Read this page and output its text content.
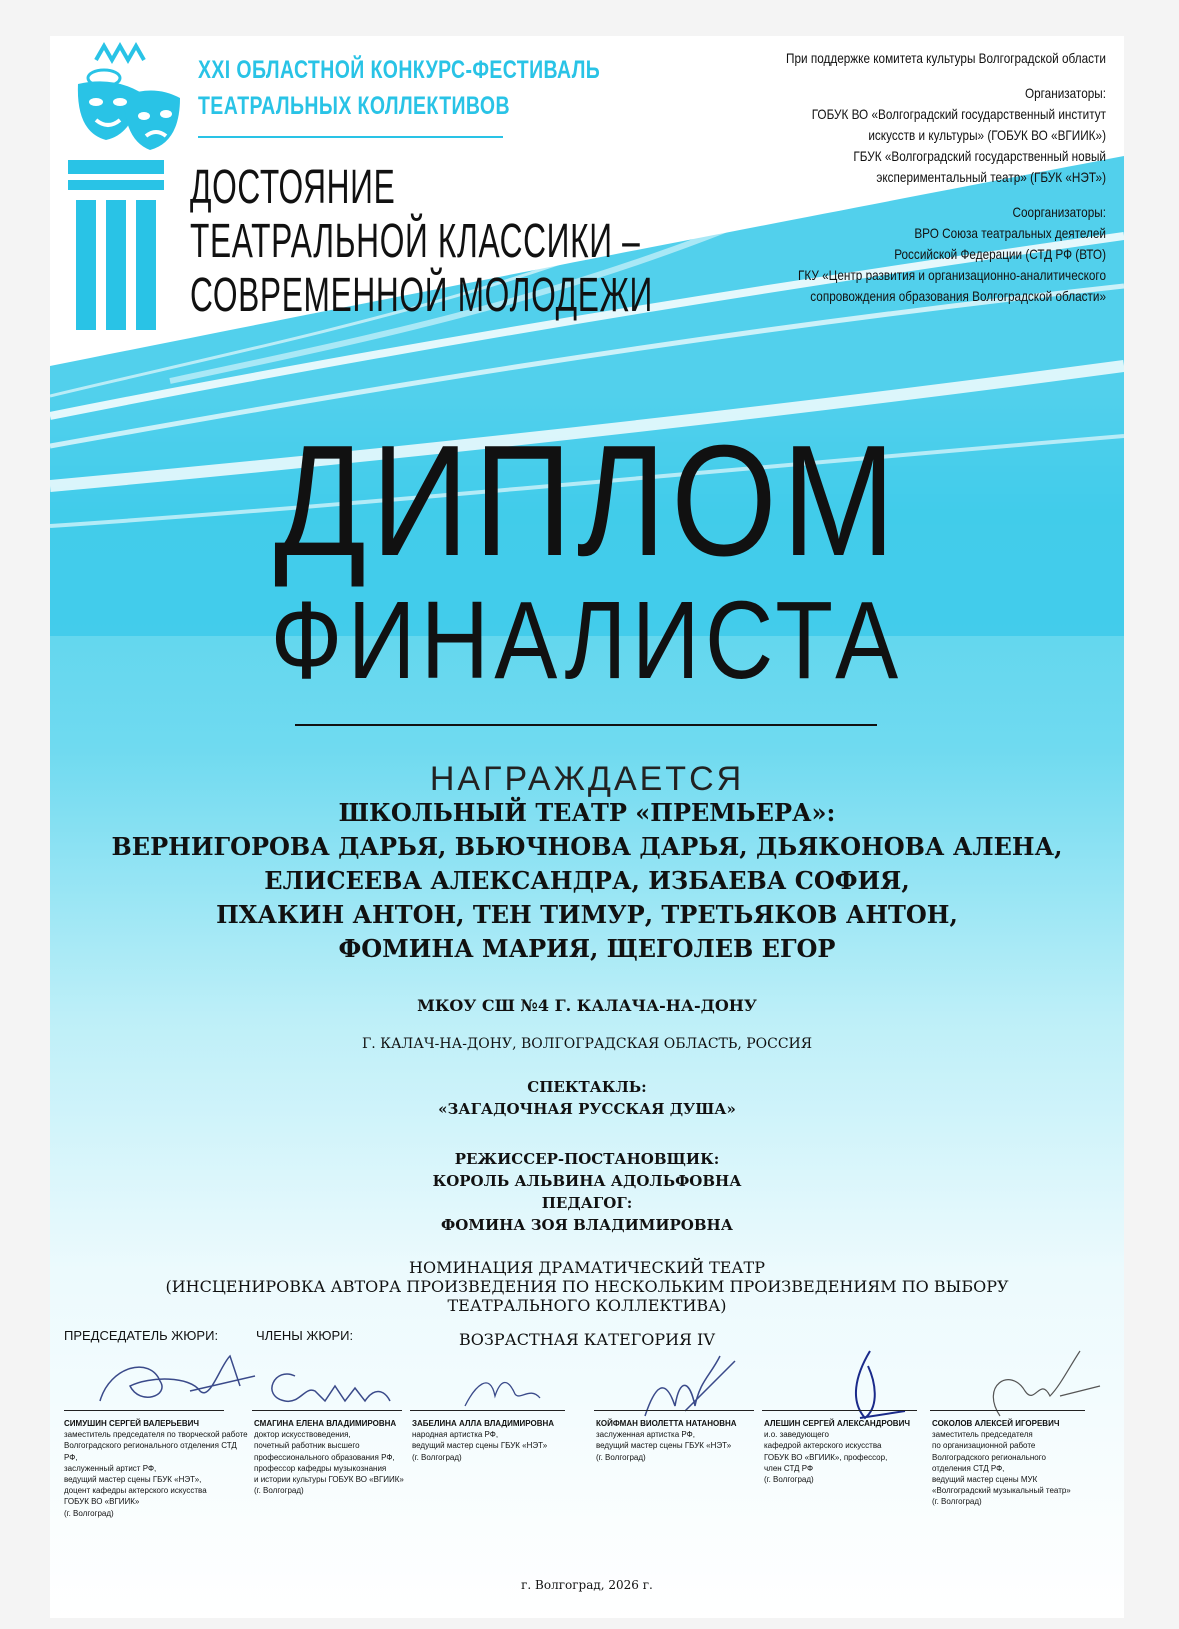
XXI ОБЛАСТНОЙ КОНКУРС-ФЕСТИВАЛЬ
ТЕАТРАЛЬНЫХ КОЛЛЕКТИВОВ
ДОСТОЯНИЕ
ТЕАТРАЛЬНОЙ КЛАССИКИ –
СОВРЕМЕННОЙ МОЛОДЕЖИ
При поддержке комитета культуры Волгоградской области
Организаторы:
ГОБУК ВО «Волгоградский государственный институт
искусств и культуры» (ГОБУК ВО «ВГИИК»)
ГБУК «Волгоградский государственный новый
экспериментальный театр» (ГБУК «НЭТ»)
Соорганизаторы:
ВРО Союза театральных деятелей
Российской Федерации (СТД РФ (ВТО)
ГКУ «Центр развития и организационно-аналитического
сопровождения образования Волгоградской области»
ДИПЛОМ
ФИНАЛИСТА
НАГРАЖДАЕТСЯ
ШКОЛЬНЫЙ ТЕАТР «ПРЕМЬЕРА»:
ВЕРНИГОРОВА ДАРЬЯ, ВЬЮЧНОВА ДАРЬЯ, ДЬЯКОНОВА АЛЕНА,
ЕЛИСЕЕВА АЛЕКСАНДРА, ИЗБАЕВА СОФИЯ,
ПХАКИН АНТОН, ТЕН ТИМУР, ТРЕТЬЯКОВ АНТОН,
ФОМИНА МАРИЯ, ЩЕГОЛЕВ ЕГОР
МКОУ СШ №4 Г. КАЛАЧА-НА-ДОНУ
Г. КАЛАЧ-НА-ДОНУ, ВОЛГОГРАДСКАЯ ОБЛАСТЬ, РОССИЯ
СПЕКТАКЛЬ:
«ЗАГАДОЧНАЯ РУССКАЯ ДУША»
РЕЖИССЕР-ПОСТАНОВЩИК:
КОРОЛЬ АЛЬВИНА АДОЛЬФОВНА
ПЕДАГОГ:
ФОМИНА ЗОЯ ВЛАДИМИРОВНА
НОМИНАЦИЯ ДРАМАТИЧЕСКИЙ ТЕАТР
(ИНСЦЕНИРОВКА АВТОРА ПРОИЗВЕДЕНИЯ ПО НЕСКОЛЬКИМ ПРОИЗВЕДЕНИЯМ ПО ВЫБОРУ
ТЕАТРАЛЬНОГО КОЛЛЕКТИВА)
ВОЗРАСТНАЯ КАТЕГОРИЯ IV
ПРЕДСЕДАТЕЛЬ ЖЮРИ:	ЧЛЕНЫ ЖЮРИ:
СИМУШИН СЕРГЕЙ ВАЛЕРЬЕВИЧ
заместитель председателя по творческой работе
Волгоградского регионального отделения СТД РФ,
заслуженный артист РФ,
ведущий мастер сцены ГБУК «НЭТ»,
доцент кафедры актерского искусства
ГОБУК ВО «ВГИИК»
(г. Волгоград)
СМАГИНА ЕЛЕНА ВЛАДИМИРОВНА
доктор искусствоведения,
почетный работник высшего
профессионального образования РФ,
профессор кафедры музыкознания
и истории культуры ГОБУК ВО «ВГИИК»
(г. Волгоград)
ЗАБЕЛИНА АЛЛА ВЛАДИМИРОВНА
народная артистка РФ,
ведущий мастер сцены ГБУК «НЭТ»
(г. Волгоград)
КОЙФМАН ВИОЛЕТТА НАТАНОВНА
заслуженная артистка РФ,
ведущий мастер сцены ГБУК «НЭТ»
(г. Волгоград)
АЛЕШИН СЕРГЕЙ АЛЕКСАНДРОВИЧ
и.о. заведующего
кафедрой актерского искусства
ГОБУК ВО «ВГИИК», профессор,
член СТД РФ
(г. Волгоград)
СОКОЛОВ АЛЕКСЕЙ ИГОРЕВИЧ
заместитель председателя
по организационной работе
Волгоградского регионального
отделения СТД РФ,
ведущий мастер сцены МУК
«Волгоградский музыкальный театр»
(г. Волгоград)
г. Волгоград, 2026 г.
